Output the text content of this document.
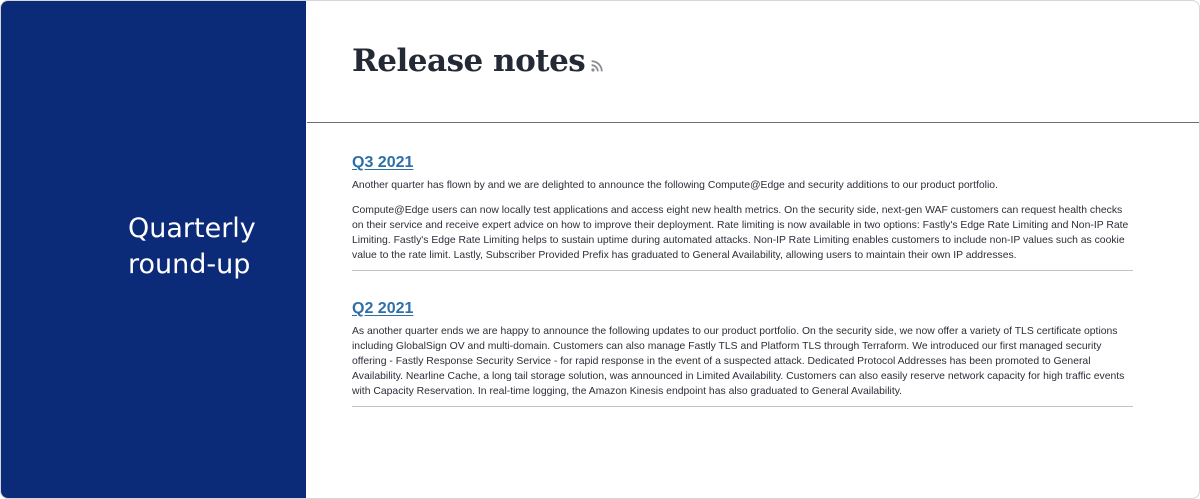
Quarterly
round-up
Release notes
Q3 2021

Another quarter has flown by and we are delighted to announce the following Compute@Edge and security additions to our product portfolio.

Compute@Edge users can now locally test applications and access eight new health metrics. On the security side, next-gen WAF customers can request health checks on their service and receive expert advice on how to improve their deployment. Rate limiting is now available in two options: Fastly's Edge Rate Limiting and Non-IP Rate Limiting. Fastly's Edge Rate Limiting helps to sustain uptime during automated attacks. Non-IP Rate Limiting enables customers to include non-IP values such as cookie value to the rate limit. Lastly, Subscriber Provided Prefix has graduated to General Availability, allowing users to maintain their own IP addresses.

Q2 2021

As another quarter ends we are happy to announce the following updates to our product portfolio. On the security side, we now offer a variety of TLS certificate options including GlobalSign OV and multi-domain. Customers can also manage Fastly TLS and Platform TLS through Terraform. We introduced our first managed security offering - Fastly Response Security Service - for rapid response in the event of a suspected attack. Dedicated Protocol Addresses has been promoted to General Availability. Nearline Cache, a long tail storage solution, was announced in Limited Availability. Customers can also easily reserve network capacity for high traffic events with Capacity Reservation. In real-time logging, the Amazon Kinesis endpoint has also graduated to General Availability.
